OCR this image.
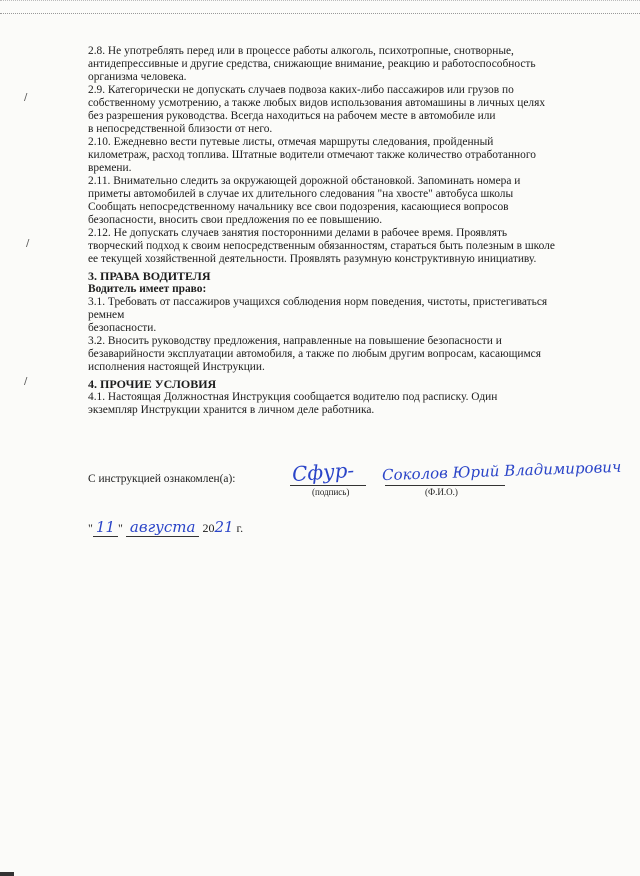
/
/
/
2.8. Не употреблять перед или в процессе работы алкоголь, психотропные, снотворные,
антидепрессивные и другие средства, снижающие внимание, реакцию и работоспособность
организма человека.
2.9. Категорически не допускать случаев подвоза каких-либо пассажиров или грузов по
собственному усмотрению, а также любых видов использования автомашины в личных целях
без разрешения руководства. Всегда находиться на рабочем месте в автомобиле или
в непосредственной близости от него.
2.10. Ежедневно вести путевые листы, отмечая маршруты следования, пройденный
километраж, расход топлива. Штатные водители отмечают также количество отработанного
времени.
2.11. Внимательно следить за окружающей дорожной обстановкой. Запоминать номера и
приметы автомобилей в случае их длительного следования "на хвосте" автобуса школы
Сообщать непосредственному начальнику все свои подозрения, касающиеся вопросов
безопасности, вносить свои предложения по ее повышению.
2.12. Не допускать случаев занятия посторонними делами в рабочее время. Проявлять
творческий подход к своим непосредственным обязанностям, стараться быть полезным в школе
ее текущей хозяйственной деятельности. Проявлять разумную конструктивную инициативу.
3. ПРАВА ВОДИТЕЛЯ
Водитель имеет право:
3.1. Требовать от пассажиров учащихся соблюдения норм поведения, чистоты, пристегиваться
ремнем
безопасности.
3.2. Вносить руководству предложения, направленные на повышение безопасности и
безаварийности эксплуатации автомобиля, а также по любым другим вопросам, касающимся
исполнения настоящей Инструкции.
4. ПРОЧИЕ УСЛОВИЯ
4.1. Настоящая Должностная Инструкция сообщается водителю под расписку. Один
экземпляр Инструкции хранится в личном деле работника.
С инструкцией ознакомлен(а):
(подпись)	(Ф.И.О.)
Сфур- Соколов Юрий Владимирович
" 11 " августа 2021 г.
